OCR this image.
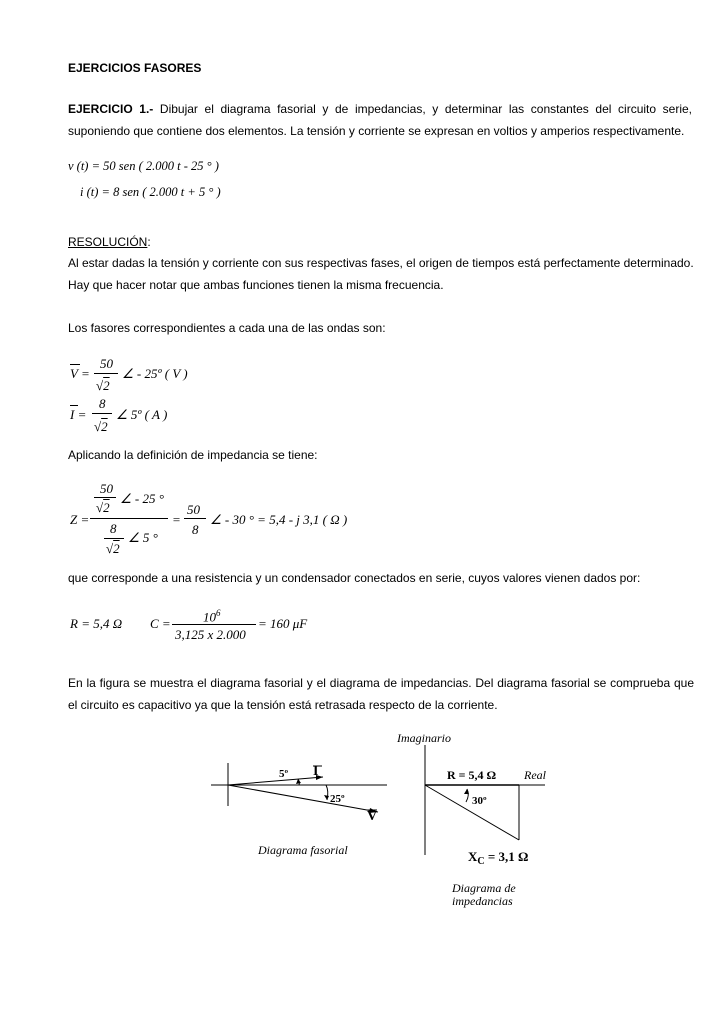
EJERCICIOS FASORES
EJERCICIO 1.- Dibujar el diagrama fasorial y de impedancias, y determinar las constantes del circuito serie, suponiendo que contiene dos elementos. La tensión y corriente se expresan en voltios y amperios respectivamente.
v (t) = 50 sen ( 2.000 t - 25 ° )
i (t) = 8 sen ( 2.000 t + 5 ° )
RESOLUCIÓN:
Al estar dadas la tensión y corriente con sus respectivas fases, el origen de tiempos está perfectamente determinado.
Hay que hacer notar que ambas funciones tienen la misma frecuencia.
Los fasores correspondientes a cada una de las ondas son:
V =
50
√2
∠ - 25º ( V )
I =
8
√2
∠ 5º ( A )
Aplicando la definición de impedancia se tiene:
Z =
50
√2
∠ - 25 °
8
√2
∠ 5 °
=
50
8
∠ - 30 ° = 5,4 - j 3,1 ( Ω )
que corresponde a una resistencia y un condensador conectados en serie, cuyos valores vienen dados por:
R = 5,4 Ω $C = 10^6$
3,125 x 2.000
= 160 μF
En la figura se muestra el diagrama fasorial y el diagrama de impedancias. Del diagrama fasorial se comprueba que el circuito es capacitivo ya que la tensión está retrasada respecto de la corriente.
5º I
25º
V
Diagrama fasorial
Imaginario
R = 5,4 Ω Real
30º
$X_C = 3,1$ Ω
Diagrama de
impedancias
